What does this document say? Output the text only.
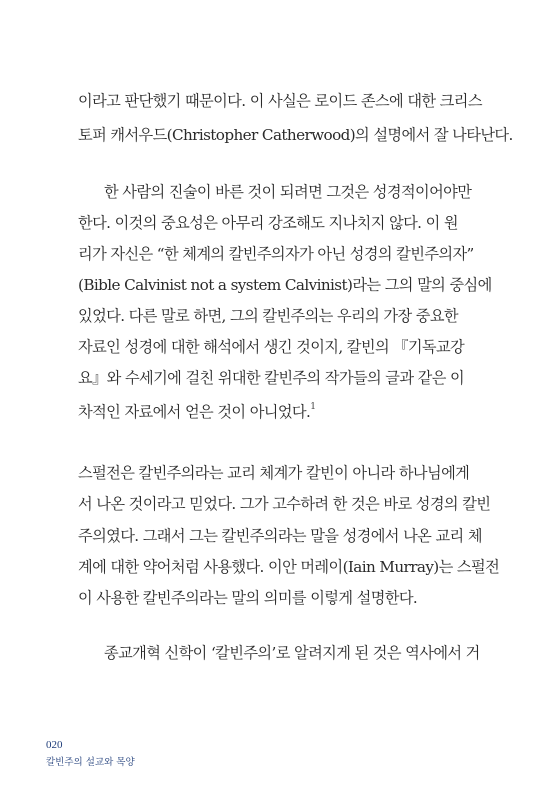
이라고 판단했기 때문이다. 이 사실은 로이드 존스에 대한 크리스
토퍼 캐서우드(Christopher Catherwood)의 설명에서 잘 나타난다.
한 사람의 진술이 바른 것이 되려면 그것은 성경적이어야만
한다. 이것의 중요성은 아무리 강조해도 지나치지 않다. 이 원
리가 자신은 “한 체계의 칼빈주의자가 아닌 성경의 칼빈주의자”
(Bible Calvinist not a system Calvinist)라는 그의 말의 중심에
있었다. 다른 말로 하면, 그의 칼빈주의는 우리의 가장 중요한
자료인 성경에 대한 해석에서 생긴 것이지, 칼빈의 『기독교강
요』와 수세기에 걸친 위대한 칼빈주의 작가들의 글과 같은 이
차적인 자료에서 얻은 것이 아니었다.$^1$
스펄전은 칼빈주의라는 교리 체계가 칼빈이 아니라 하나님에게
서 나온 것이라고 믿었다. 그가 고수하려 한 것은 바로 성경의 칼빈
주의였다. 그래서 그는 칼빈주의라는 말을 성경에서 나온 교리 체
계에 대한 약어처럼 사용했다. 이안 머레이(Iain Murray)는 스펄전
이 사용한 칼빈주의라는 말의 의미를 이렇게 설명한다.
종교개혁 신학이 ‘칼빈주의’로 알려지게 된 것은 역사에서 거
020
칼빈주의 설교와 목양
